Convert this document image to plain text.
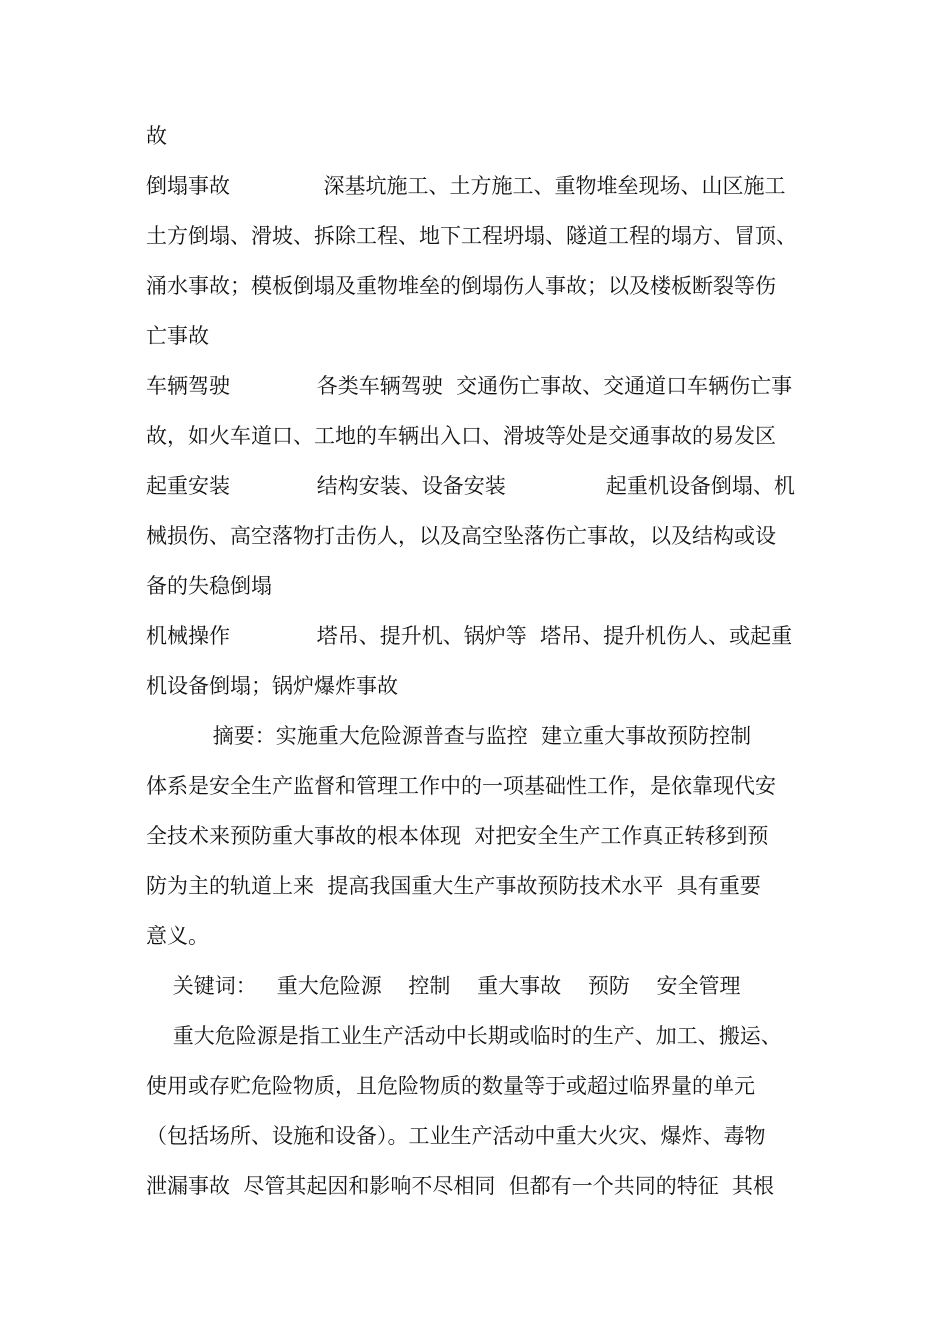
故
倒塌事故              深基坑施工、土方施工、重物堆垒现场、山区施工
土方倒塌、滑坡、拆除工程、地下工程坍塌、隧道工程的塌方、冒顶、
涌水事故；模板倒塌及重物堆垒的倒塌伤人事故；以及楼板断裂等伤
亡事故
车辆驾驶             各类车辆驾驶  交通伤亡事故、交通道口车辆伤亡事
故，如火车道口、工地的车辆出入口、滑坡等处是交通事故的易发区
起重安装             结构安装、设备安装               起重机设备倒塌、机
械损伤、高空落物打击伤人，以及高空坠落伤亡事故，以及结构或设
备的失稳倒塌
机械操作             塔吊、提升机、锅炉等  塔吊、提升机伤人、或起重
机设备倒塌；锅炉爆炸事故
摘要：实施重大危险源普查与监控  建立重大事故预防控制
体系是安全生产监督和管理工作中的一项基础性工作，是依靠现代安
全技术来预防重大事故的根本体现  对把安全生产工作真正转移到预
防为主的轨道上来  提高我国重大生产事故预防技术水平  具有重要
意义。
关键词：   重大危险源    控制    重大事故    预防    安全管理
重大危险源是指工业生产活动中长期或临时的生产、加工、搬运、
使用或存贮危险物质，且危险物质的数量等于或超过临界量的单元
（包括场所、设施和设备）。工业生产活动中重大火灾、爆炸、毒物
泄漏事故  尽管其起因和影响不尽相同  但都有一个共同的特征  其根
